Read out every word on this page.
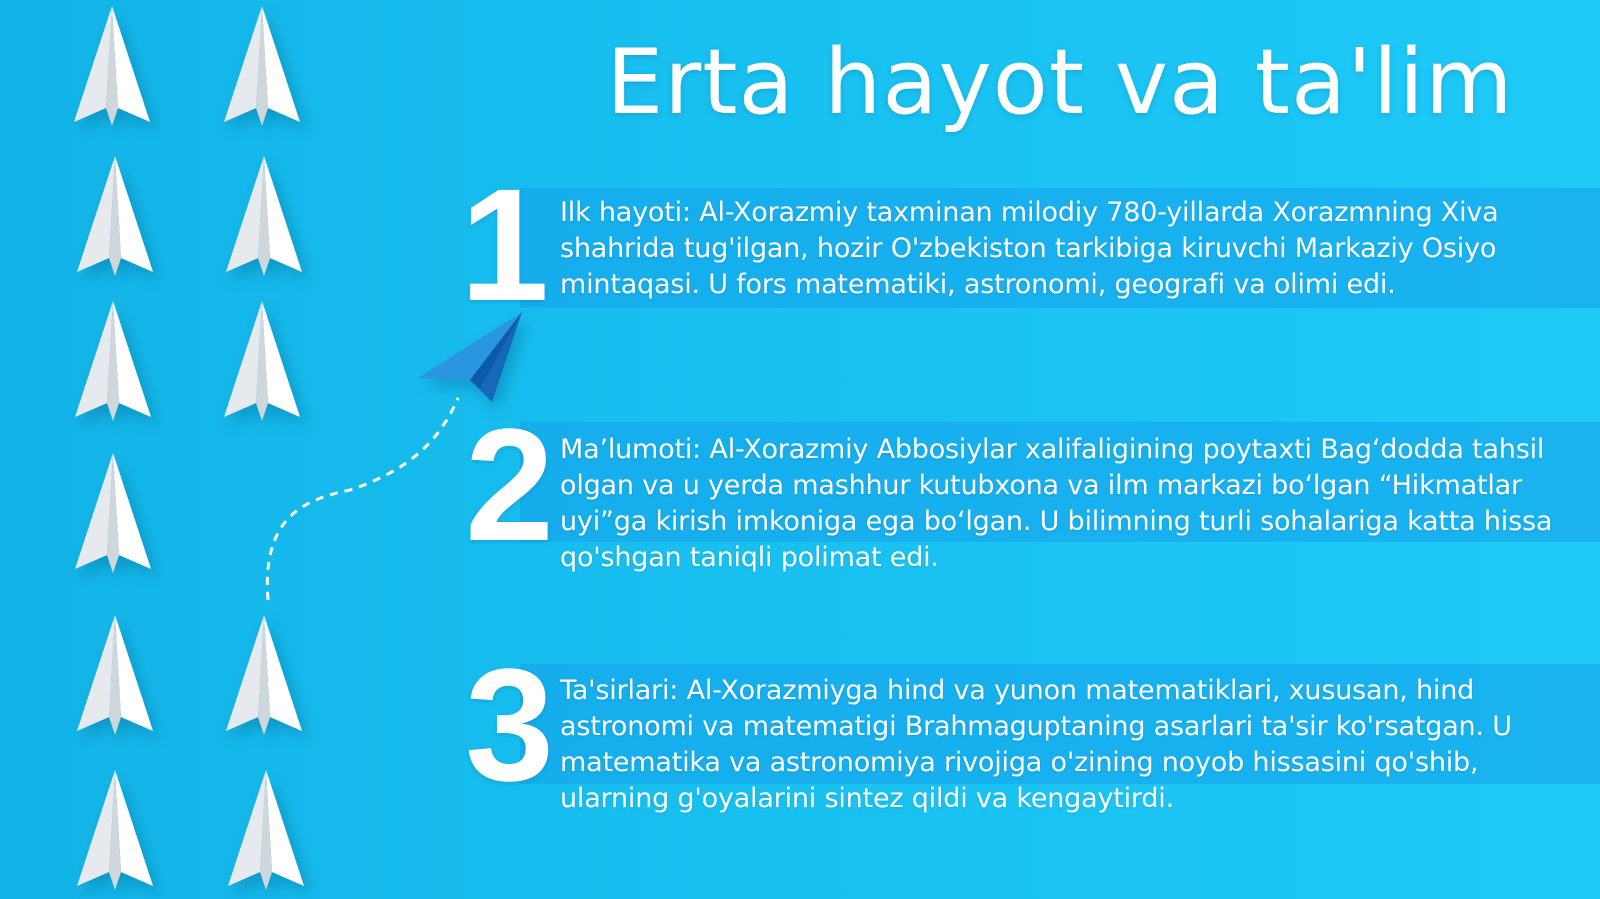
Erta hayot va ta'lim
1 Ilk hayoti: Al-Xorazmiy taxminan milodiy 780-yillarda Xorazmning Xiva shahrida tug'ilgan, hozir O'zbekiston tarkibiga kiruvchi Markaziy Osiyo mintaqasi. U fors matematiki, astronomi, geografi va olimi edi.
2 Ma’lumoti: Al-Xorazmiy Abbosiylar xalifaligining poytaxti Bag‘dodda tahsil olgan va u yerda mashhur kutubxona va ilm markazi bo‘lgan “Hikmatlar uyi”ga kirish imkoniga ega bo‘lgan. U bilimning turli sohalariga katta hissa qo'shgan taniqli polimat edi.
3 Ta'sirlari: Al-Xorazmiyga hind va yunon matematiklari, xususan, hind astronomi va matematigi Brahmaguptaning asarlari ta'sir ko'rsatgan. U matematika va astronomiya rivojiga o'zining noyob hissasini qo'shib, ularning g'oyalarini sintez qildi va kengaytirdi.
